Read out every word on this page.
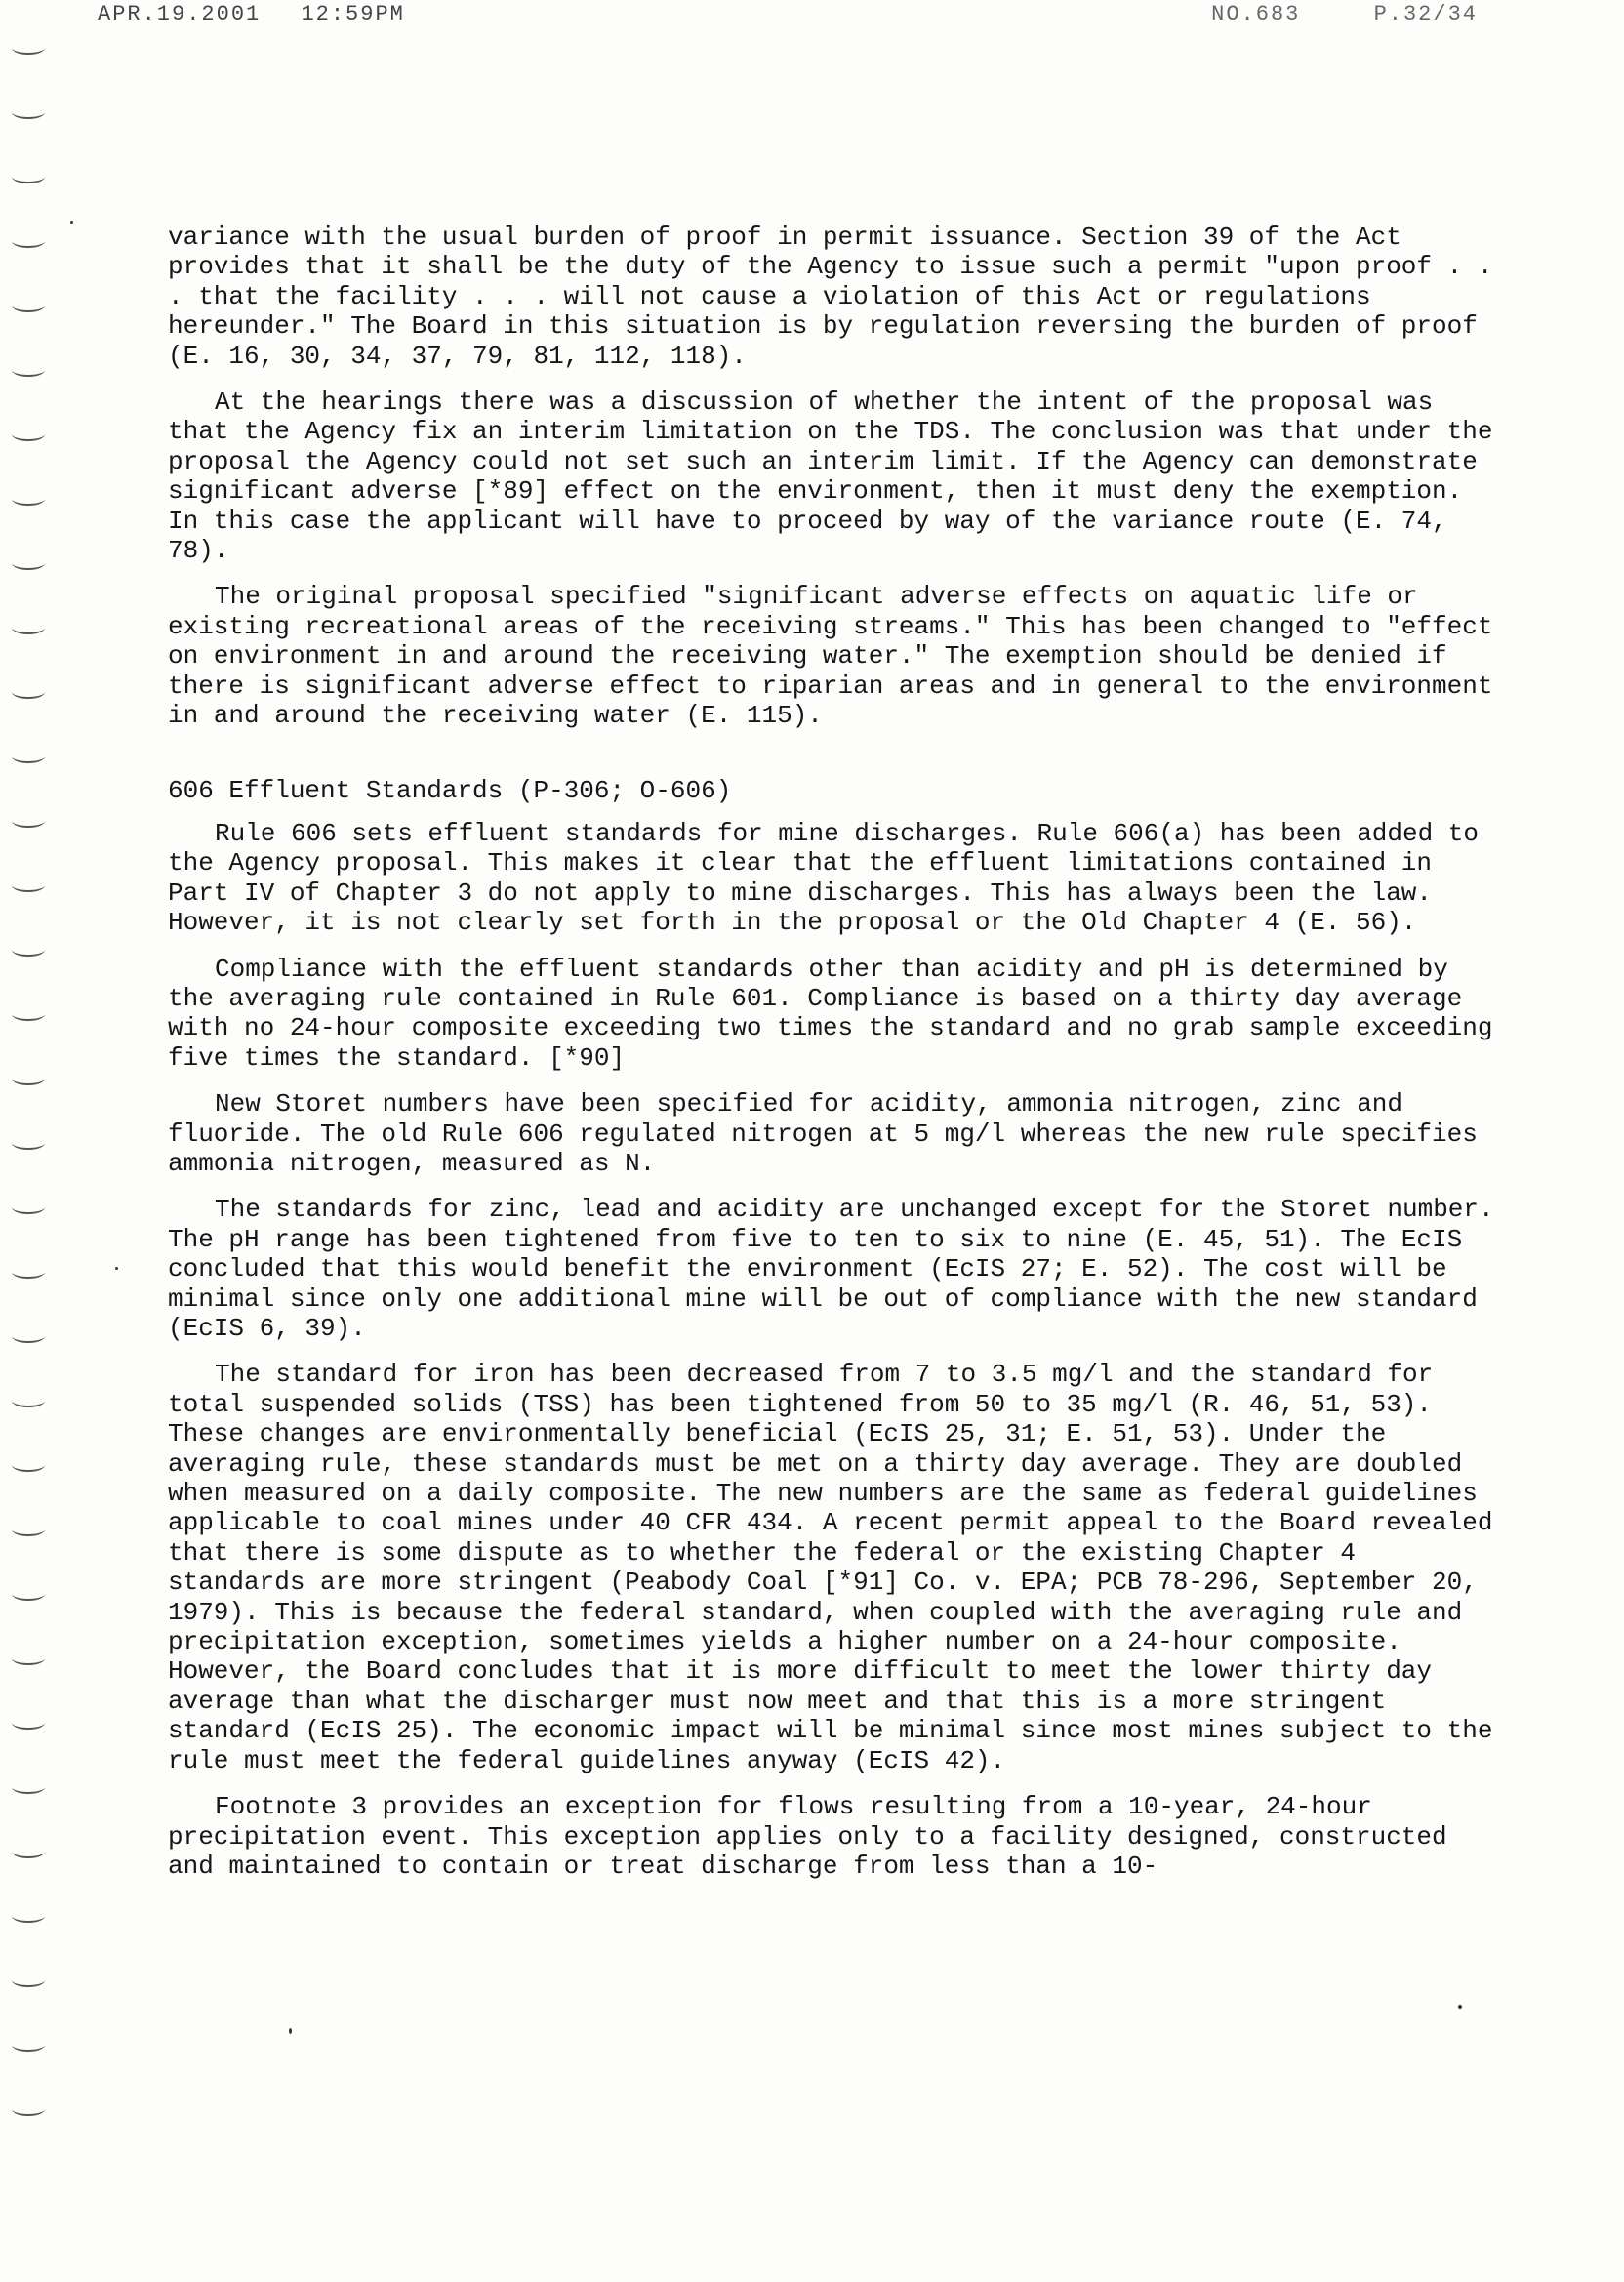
APR.19.2001 12:59PM	NO.683	P.32/34

variance with the usual burden of proof in permit issuance. Section 39 of the Act provides that it shall be the duty of the Agency to issue such a permit "upon proof . . . that the facility . . . will not cause a violation of this Act or regulations hereunder." The Board in this situation is by regulation reversing the burden of proof (E. 16, 30, 34, 37, 79, 81, 112, 118).

At the hearings there was a discussion of whether the intent of the proposal was that the Agency fix an interim limitation on the TDS. The conclusion was that under the proposal the Agency could not set such an interim limit. If the Agency can demonstrate significant adverse [*89] effect on the environment, then it must deny the exemption. In this case the applicant will have to proceed by way of the variance route (E. 74, 78).

The original proposal specified "significant adverse effects on aquatic life or existing recreational areas of the receiving streams." This has been changed to "effect on environment in and around the receiving water." The exemption should be denied if there is significant adverse effect to riparian areas and in general to the environment in and around the receiving water (E. 115).

606 Effluent Standards (P-306; O-606)

Rule 606 sets effluent standards for mine discharges. Rule 606(a) has been added to the Agency proposal. This makes it clear that the effluent limitations contained in Part IV of Chapter 3 do not apply to mine discharges. This has always been the law. However, it is not clearly set forth in the proposal or the Old Chapter 4 (E. 56).

Compliance with the effluent standards other than acidity and pH is determined by the averaging rule contained in Rule 601. Compliance is based on a thirty day average with no 24-hour composite exceeding two times the standard and no grab sample exceeding five times the standard. [*90]

New Storet numbers have been specified for acidity, ammonia nitrogen, zinc and fluoride. The old Rule 606 regulated nitrogen at 5 mg/l whereas the new rule specifies ammonia nitrogen, measured as N.

The standards for zinc, lead and acidity are unchanged except for the Storet number. The pH range has been tightened from five to ten to six to nine (E. 45, 51). The EcIS concluded that this would benefit the environment (EcIS 27; E. 52). The cost will be minimal since only one additional mine will be out of compliance with the new standard (EcIS 6, 39).

The standard for iron has been decreased from 7 to 3.5 mg/l and the standard for total suspended solids (TSS) has been tightened from 50 to 35 mg/l (R. 46, 51, 53). These changes are environmentally beneficial (EcIS 25, 31; E. 51, 53). Under the averaging rule, these standards must be met on a thirty day average. They are doubled when measured on a daily composite. The new numbers are the same as federal guidelines applicable to coal mines under 40 CFR 434. A recent permit appeal to the Board revealed that there is some dispute as to whether the federal or the existing Chapter 4 standards are more stringent (Peabody Coal [*91] Co. v. EPA; PCB 78-296, September 20, 1979). This is because the federal standard, when coupled with the averaging rule and precipitation exception, sometimes yields a higher number on a 24-hour composite. However, the Board concludes that it is more difficult to meet the lower thirty day average than what the discharger must now meet and that this is a more stringent standard (EcIS 25). The economic impact will be minimal since most mines subject to the rule must meet the federal guidelines anyway (EcIS 42).

Footnote 3 provides an exception for flows resulting from a 10-year, 24-hour precipitation event. This exception applies only to a facility designed, constructed and maintained to contain or treat discharge from less than a 10-
